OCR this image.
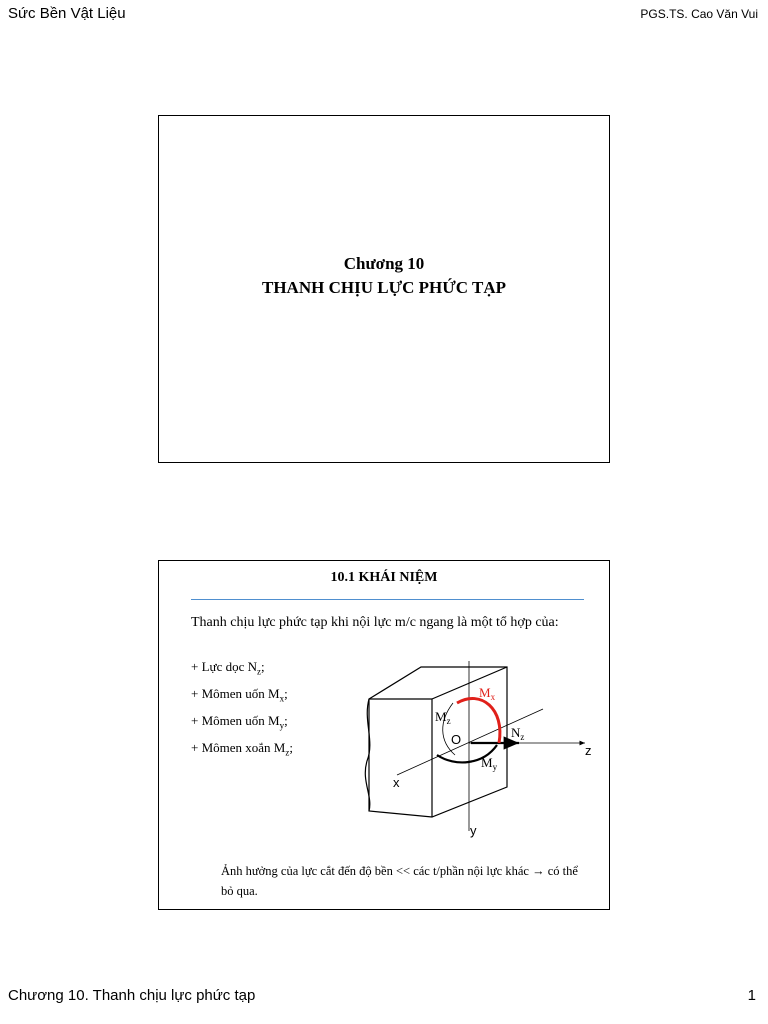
Sức Bền Vật Liệu	PGS.TS. Cao Văn Vui
Chương 10
THANH CHỊU LỰC PHỨC TẠP
10.1 KHÁI NIỆM
Thanh chịu lực phức tạp khi nội lực m/c ngang là một tổ hợp của:
+ Lực dọc $N_z$;
+ Mômen uốn $M_x$;
+ Mômen uốn $M_y$;
+ Mômen xoắn $M_z$;
$M_x$
$M_z$
$M_y$
$N_z$
O
z
x
y
Ảnh hưởng của lực cắt đến độ bền << các t/phần nội lực khác → có thể bỏ qua.
Chương 10. Thanh chịu lực phức tạp	1
